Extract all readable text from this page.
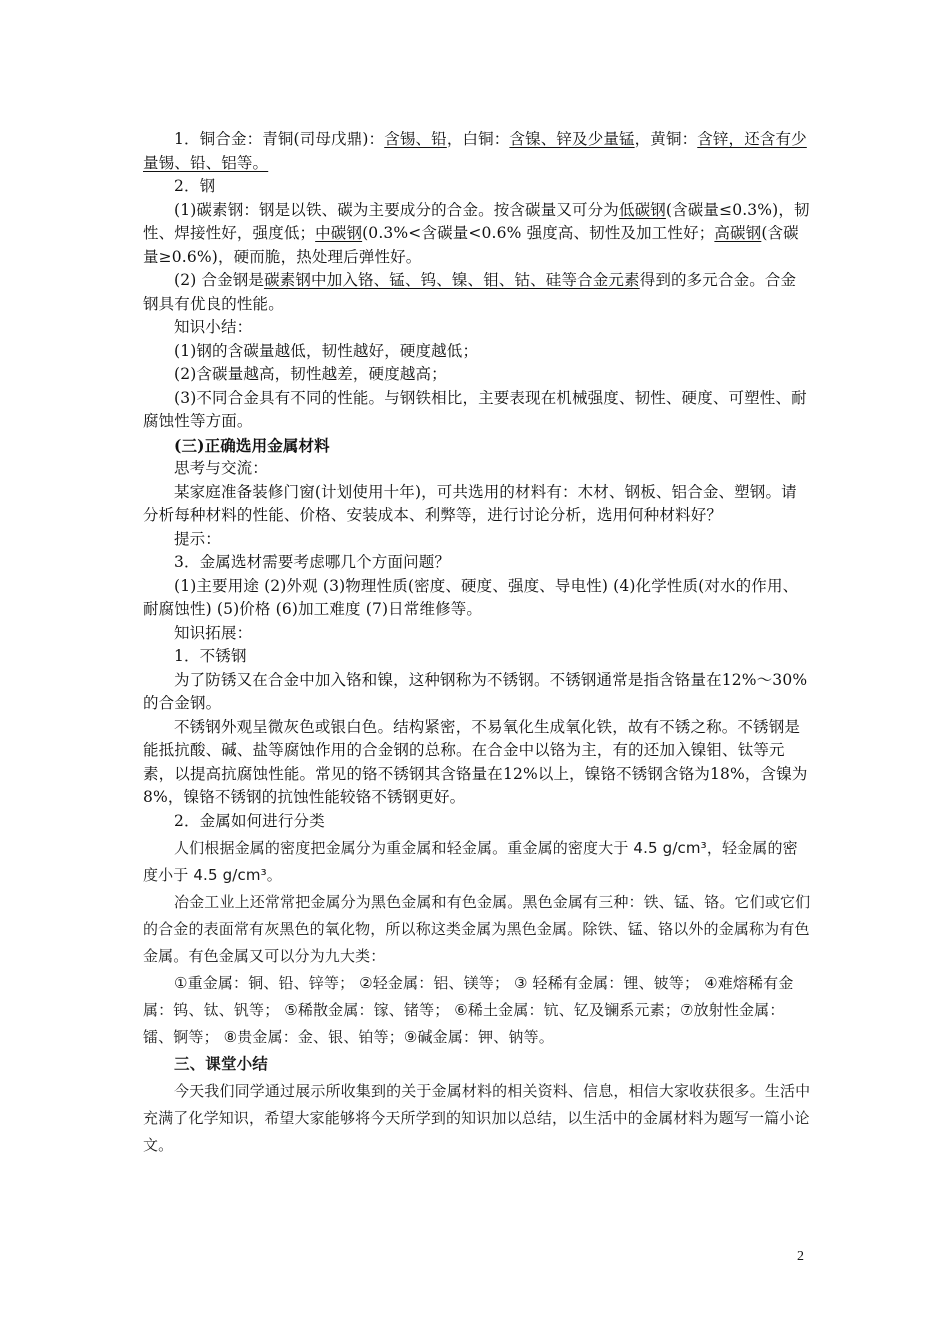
1．铜合金：青铜(司母戊鼎)：含锡、铅，白铜：含镍、锌及少量锰，黄铜：含锌，还含有少量锡、铅、铝等。

2．钢

(1)碳素钢：钢是以铁、碳为主要成分的合金。按含碳量又可分为低碳钢(含碳量≤0.3%)，韧性、焊接性好，强度低；中碳钢(0.3%<含碳量<0.6% 强度高、韧性及加工性好；高碳钢(含碳量≥0.6%)，硬而脆，热处理后弹性好。

(2) 合金钢是碳素钢中加入铬、锰、钨、镍、钼、钴、硅等合金元素得到的多元合金。合金钢具有优良的性能。

知识小结：

(1)钢的含碳量越低，韧性越好，硬度越低；

(2)含碳量越高，韧性越差，硬度越高；

(3)不同合金具有不同的性能。与钢铁相比，主要表现在机械强度、韧性、硬度、可塑性、耐腐蚀性等方面。

(三)正确选用金属材料

思考与交流：

某家庭准备装修门窗(计划使用十年)，可共选用的材料有：木材、钢板、铝合金、塑钢。请分析每种材料的性能、价格、安装成本、利弊等，进行讨论分析，选用何种材料好？

提示：

3．金属选材需要考虑哪几个方面问题？

(1)主要用途 (2)外观 (3)物理性质(密度、硬度、强度、导电性) (4)化学性质(对水的作用、耐腐蚀性) (5)价格 (6)加工难度 (7)日常维修等。

知识拓展：

1．不锈钢

为了防锈又在合金中加入铬和镍，这种钢称为不锈钢。不锈钢通常是指含铬量在12%～30%的合金钢。

不锈钢外观呈微灰色或银白色。结构紧密，不易氧化生成氧化铁，故有不锈之称。不锈钢是能抵抗酸、碱、盐等腐蚀作用的合金钢的总称。在合金中以铬为主，有的还加入镍钼、钛等元素，以提高抗腐蚀性能。常见的铬不锈钢其含铬量在12%以上，镍铬不锈钢含铬为18%，含镍为8%，镍铬不锈钢的抗蚀性能较铬不锈钢更好。

2．金属如何进行分类

人们根据金属的密度把金属分为重金属和轻金属。重金属的密度大于 4.5 g/cm³，轻金属的密度小于 4.5 g/cm³。

冶金工业上还常常把金属分为黑色金属和有色金属。黑色金属有三种：铁、锰、铬。它们或它们的合金的表面常有灰黑色的氧化物，所以称这类金属为黑色金属。除铁、锰、铬以外的金属称为有色金属。有色金属又可以分为九大类：

①重金属：铜、铅、锌等； ②轻金属：铝、镁等； ③ 轻稀有金属：锂、铍等； ④难熔稀有金属：钨、钛、钒等； ⑤稀散金属：镓、锗等； ⑥稀土金属：钪、钇及镧系元素；⑦放射性金属：镭、锕等； ⑧贵金属：金、银、铂等；⑨碱金属：钾、钠等。

三、课堂小结

今天我们同学通过展示所收集到的关于金属材料的相关资料、信息，相信大家收获很多。生活中充满了化学知识，希望大家能够将今天所学到的知识加以总结，以生活中的金属材料为题写一篇小论文。

2
